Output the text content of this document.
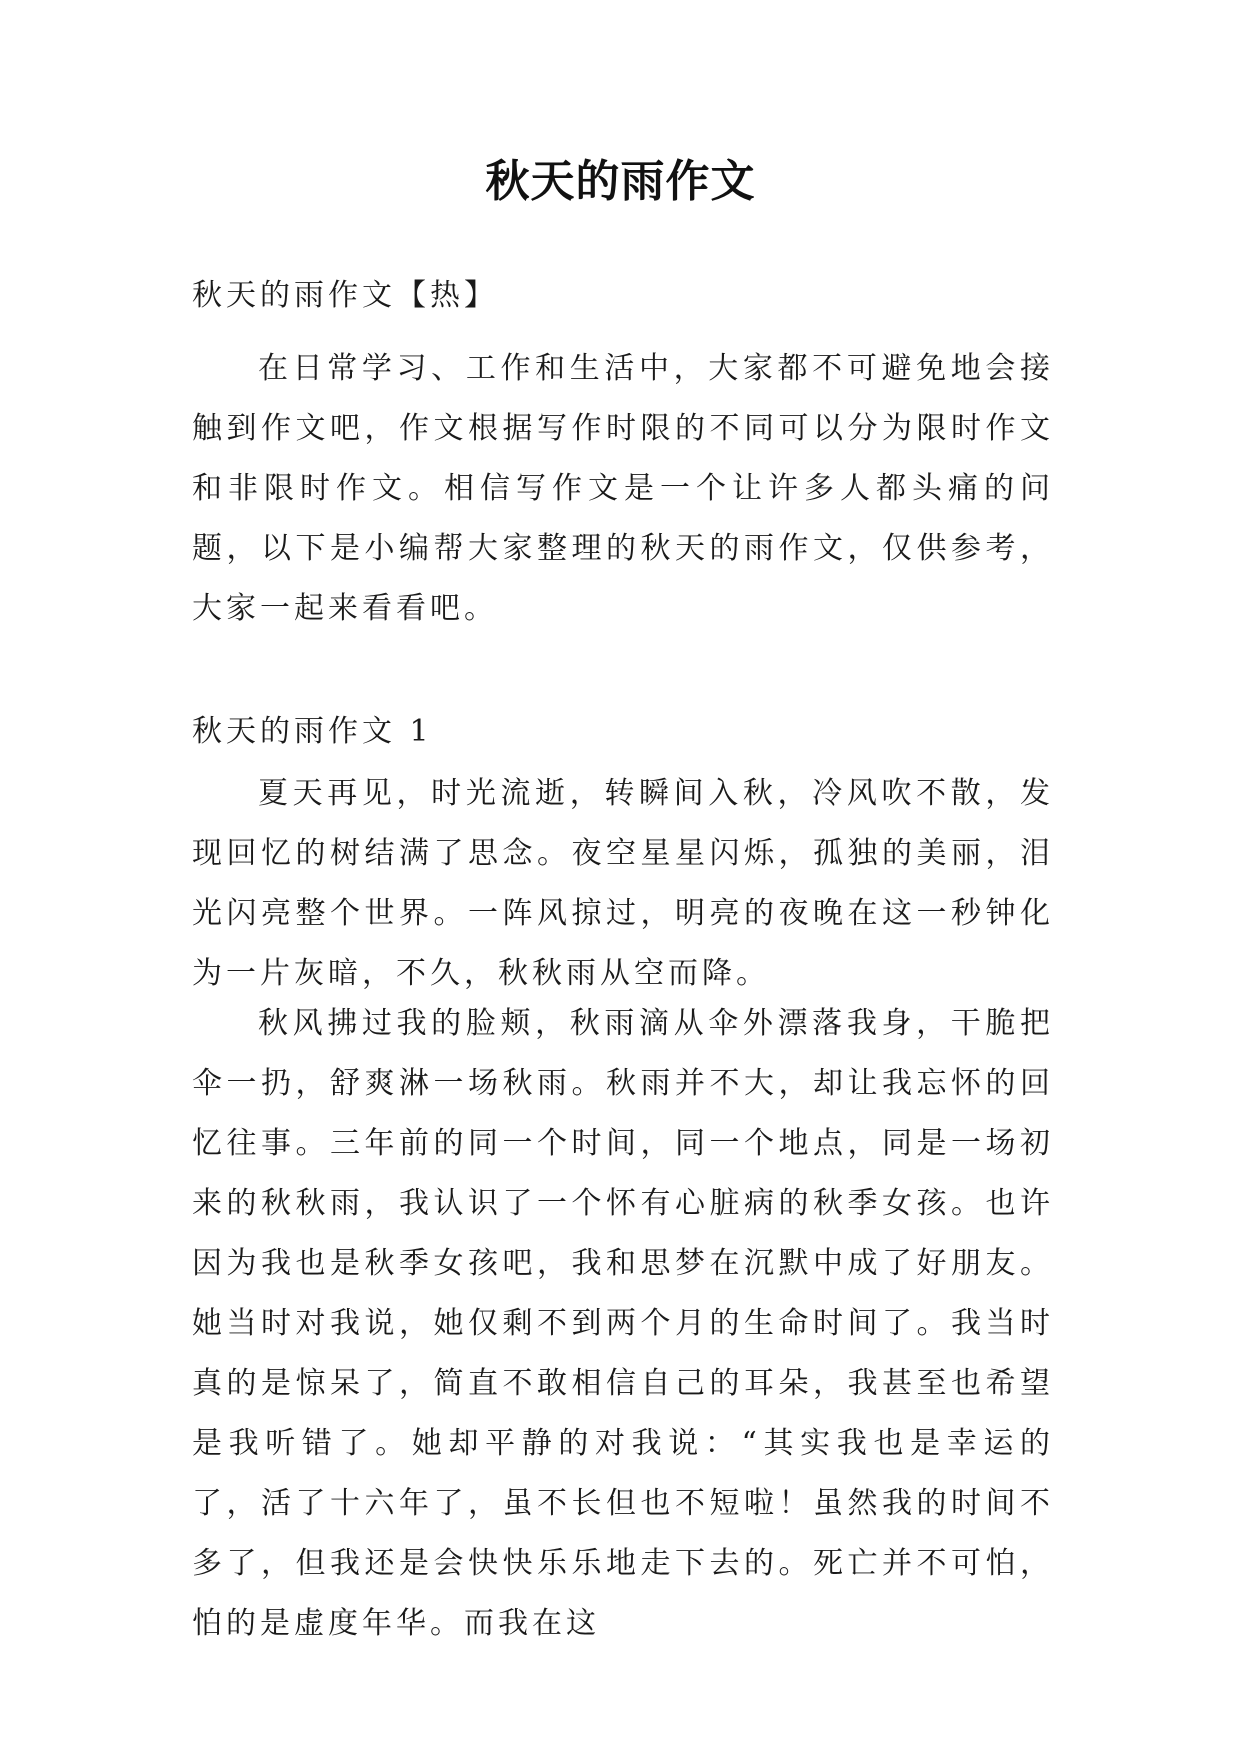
秋天的雨作文

秋天的雨作文【热】

在日常学习、工作和生活中，大家都不可避免地会接触到作文吧，作文根据写作时限的不同可以分为限时作文和非限时作文。相信写作文是一个让许多人都头痛的问题，以下是小编帮大家整理的秋天的雨作文，仅供参考，大家一起来看看吧。

秋天的雨作文 1

夏天再见，时光流逝，转瞬间入秋，冷风吹不散，发现回忆的树结满了思念。夜空星星闪烁，孤独的美丽，泪光闪亮整个世界。一阵风掠过，明亮的夜晚在这一秒钟化为一片灰暗，不久，秋秋雨从空而降。

秋风拂过我的脸颊，秋雨滴从伞外漂落我身，干脆把伞一扔，舒爽淋一场秋雨。秋雨并不大，却让我忘怀的回忆往事。三年前的同一个时间，同一个地点，同是一场初来的秋秋雨，我认识了一个怀有心脏病的秋季女孩。也许因为我也是秋季女孩吧，我和思梦在沉默中成了好朋友。她当时对我说，她仅剩不到两个月的生命时间了。我当时真的是惊呆了，简直不敢相信自己的耳朵，我甚至也希望是我听错了。她却平静的对我说：“其实我也是幸运的了，活了十六年了，虽不长但也不短啦！虽然我的时间不多了，但我还是会快快乐乐地走下去的。死亡并不可怕，怕的是虚度年华。而我在这
